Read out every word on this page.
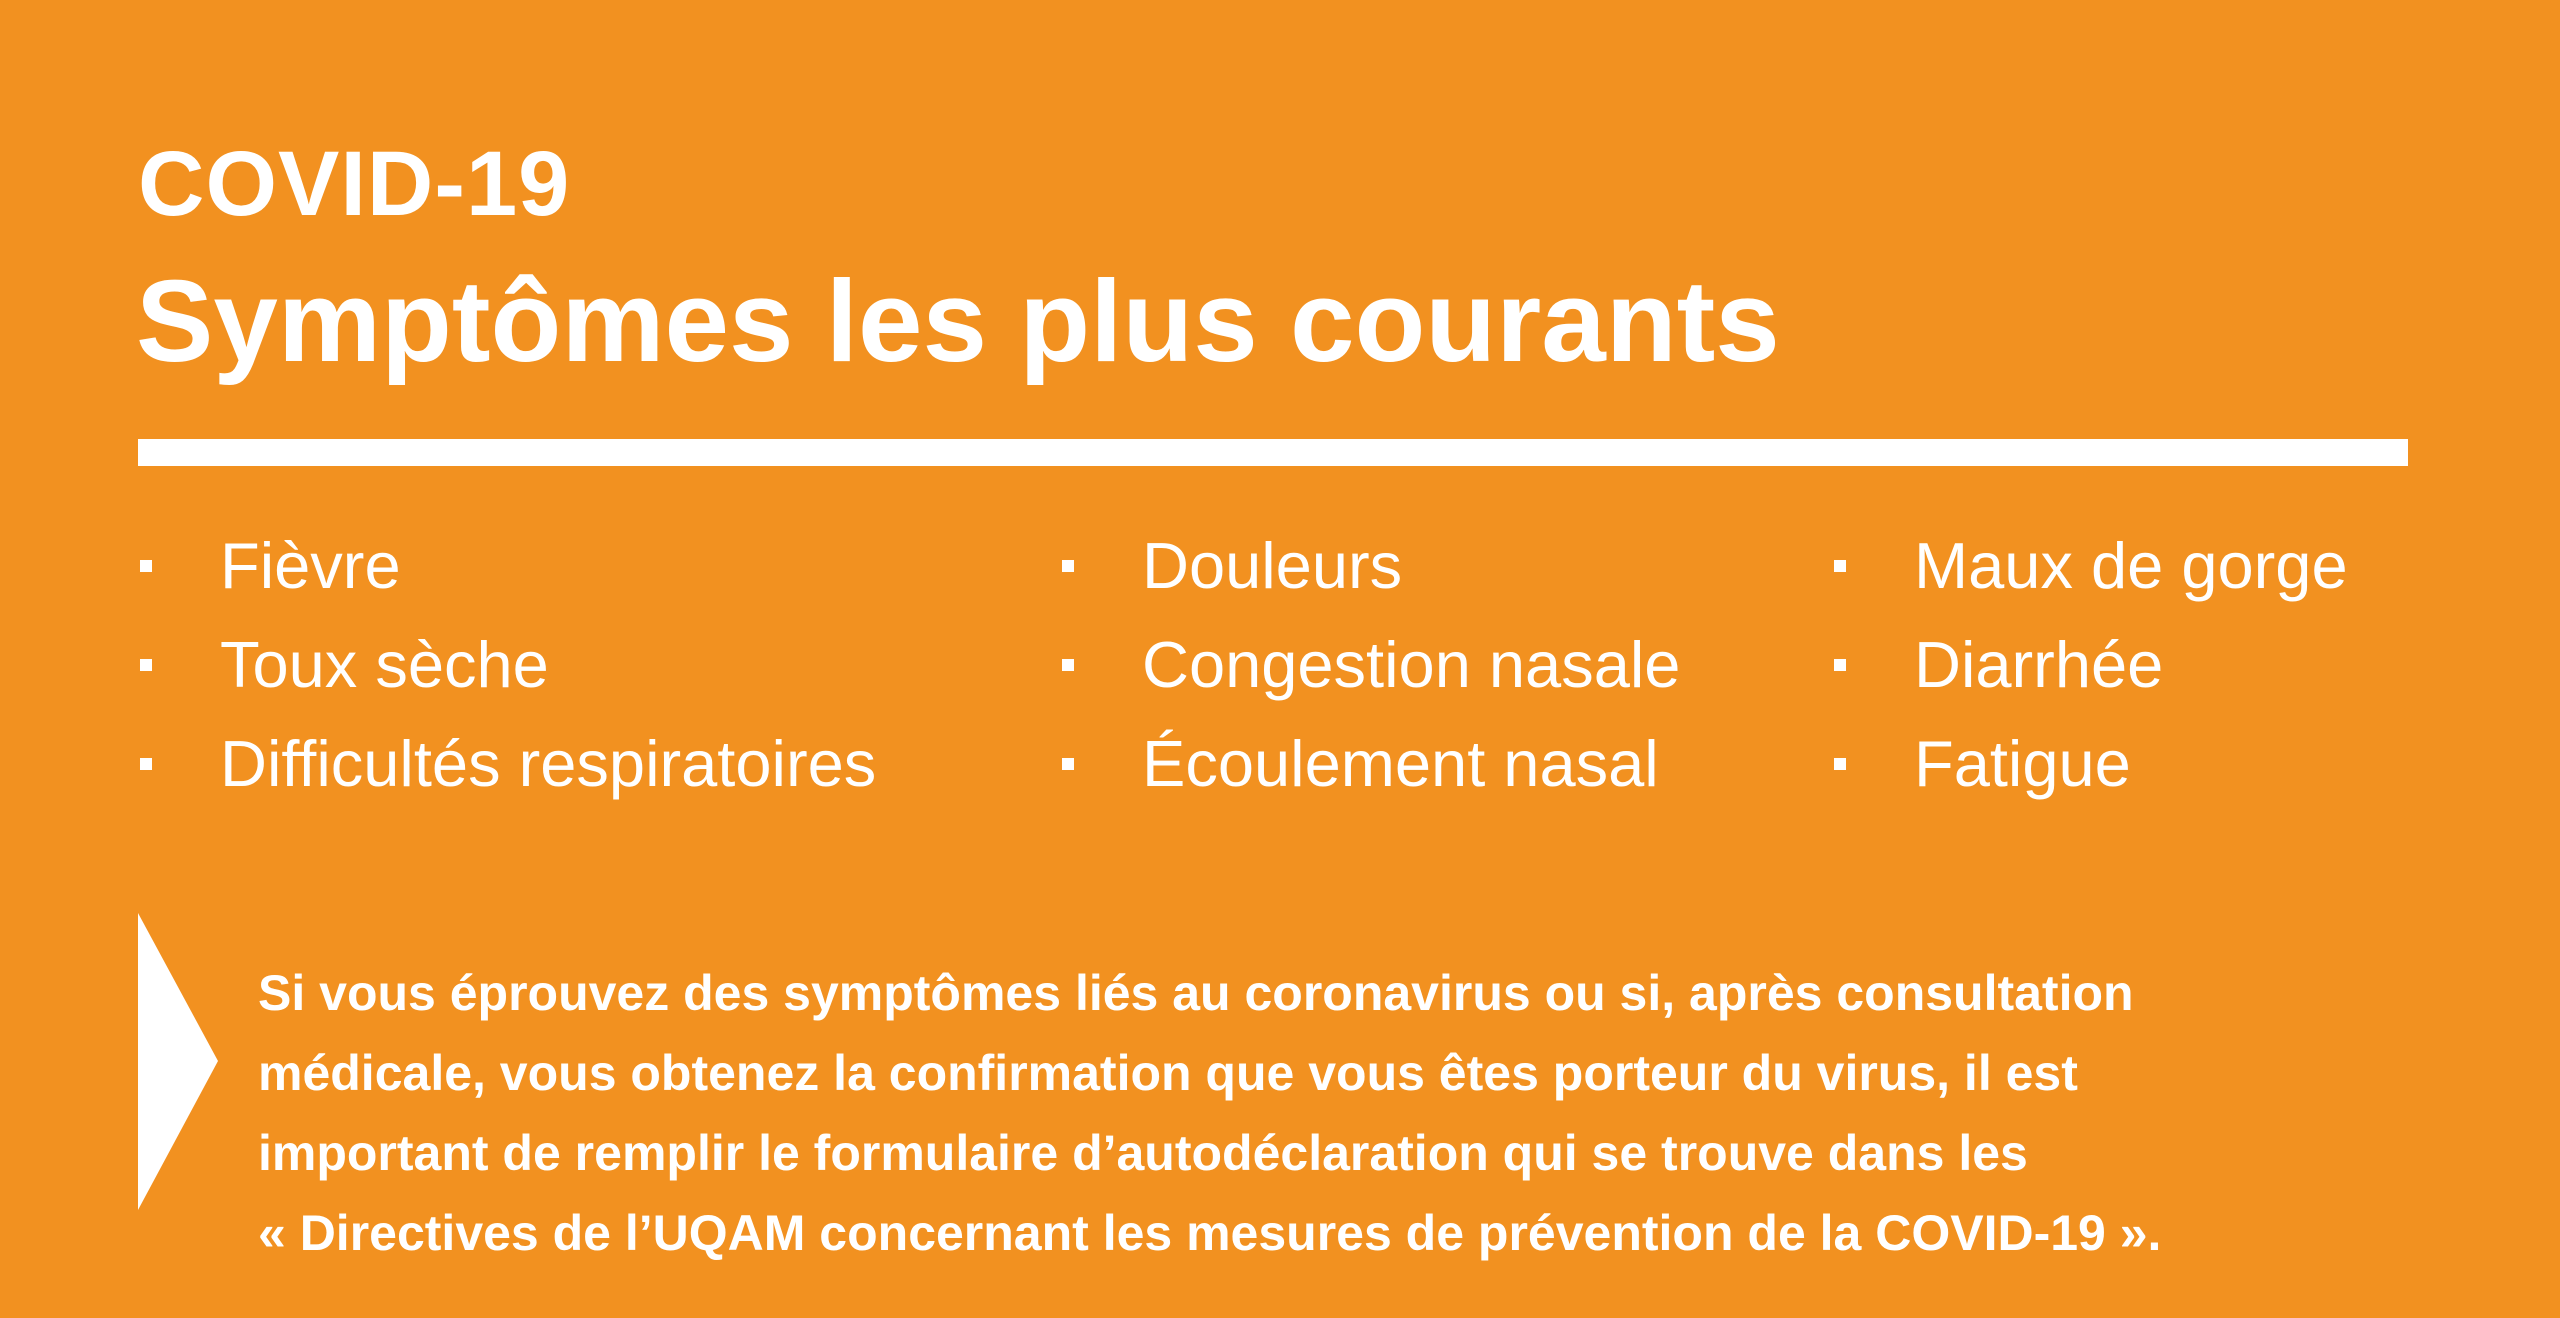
COVID-19
Symptômes les plus courants
Fièvre
Toux sèche
Difficultés respiratoires
Douleurs
Congestion nasale
Écoulement nasal
Maux de gorge
Diarrhée
Fatigue

Si vous éprouvez des symptômes liés au coronavirus ou si, après consultation
médicale, vous obtenez la confirmation que vous êtes porteur du virus, il est
important de remplir le formulaire d’autodéclaration qui se trouve dans les
« Directives de l’UQAM concernant les mesures de prévention de la COVID-19 ».
